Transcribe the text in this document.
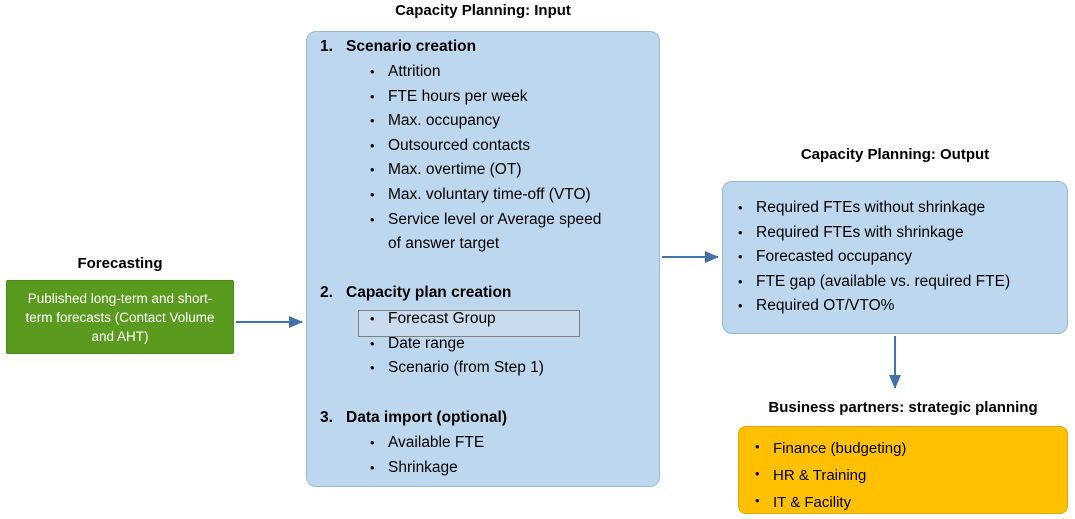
Capacity Planning: Input
Capacity Planning: Output
Forecasting
Business partners: strategic planning
Published long-term and short-term forecasts (Contact Volume and AHT)
1. Scenario creation
• Attrition
• FTE hours per week
• Max. occupancy
• Outsourced contacts
• Max. overtime (OT)
• Max. voluntary time-off (VTO)
• Service level or Average speed of answer target
2. Capacity plan creation
• Forecast Group
• Date range
• Scenario (from Step 1)
3. Data import (optional)
• Available FTE
• Shrinkage
• Required FTEs without shrinkage
• Required FTEs with shrinkage
• Forecasted occupancy
• FTE gap (available vs. required FTE)
• Required OT/VTO%
• Finance (budgeting)
• HR & Training
• IT & Facility
